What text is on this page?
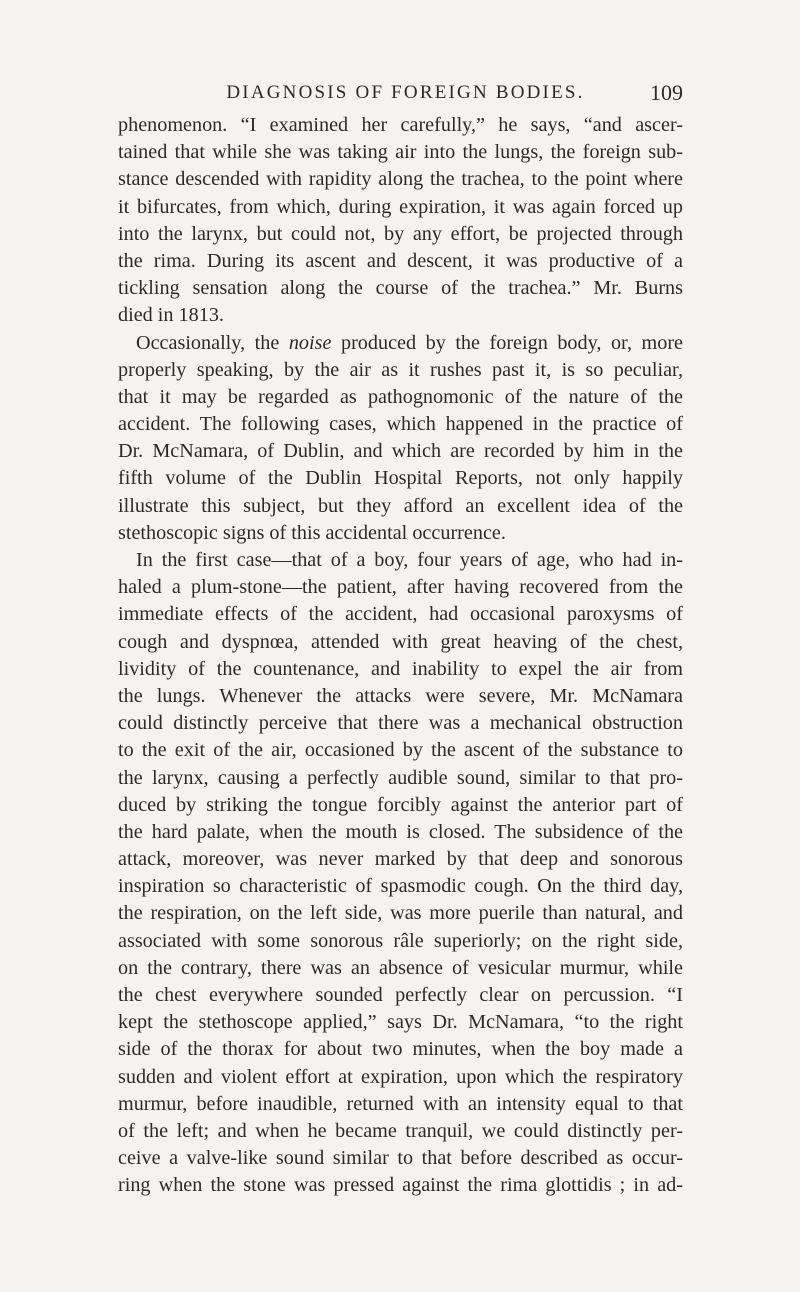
DIAGNOSIS OF FOREIGN BODIES.	109
phenomenon. “I examined her carefully,” he says, “and ascer-
tained that while she was taking air into the lungs, the foreign sub-
stance descended with rapidity along the trachea, to the point where
it bifurcates, from which, during expiration, it was again forced up
into the larynx, but could not, by any effort, be projected through
the rima. During its ascent and descent, it was productive of a
tickling sensation along the course of the trachea.” Mr. Burns
died in 1813.
Occasionally, the noise produced by the foreign body, or, more
properly speaking, by the air as it rushes past it, is so peculiar,
that it may be regarded as pathognomonic of the nature of the
accident. The following cases, which happened in the practice of
Dr. McNamara, of Dublin, and which are recorded by him in the
fifth volume of the Dublin Hospital Reports, not only happily
illustrate this subject, but they afford an excellent idea of the
stethoscopic signs of this accidental occurrence.
In the first case—that of a boy, four years of age, who had in-
haled a plum-stone—the patient, after having recovered from the
immediate effects of the accident, had occasional paroxysms of
cough and dyspnœa, attended with great heaving of the chest,
lividity of the countenance, and inability to expel the air from
the lungs. Whenever the attacks were severe, Mr. McNamara
could distinctly perceive that there was a mechanical obstruction
to the exit of the air, occasioned by the ascent of the substance to
the larynx, causing a perfectly audible sound, similar to that pro-
duced by striking the tongue forcibly against the anterior part of
the hard palate, when the mouth is closed. The subsidence of the
attack, moreover, was never marked by that deep and sonorous
inspiration so characteristic of spasmodic cough. On the third day,
the respiration, on the left side, was more puerile than natural, and
associated with some sonorous râle superiorly; on the right side,
on the contrary, there was an absence of vesicular murmur, while
the chest everywhere sounded perfectly clear on percussion. “I
kept the stethoscope applied,” says Dr. McNamara, “to the right
side of the thorax for about two minutes, when the boy made a
sudden and violent effort at expiration, upon which the respiratory
murmur, before inaudible, returned with an intensity equal to that
of the left; and when he became tranquil, we could distinctly per-
ceive a valve-like sound similar to that before described as occur-
ring when the stone was pressed against the rima glottidis ; in ad-
